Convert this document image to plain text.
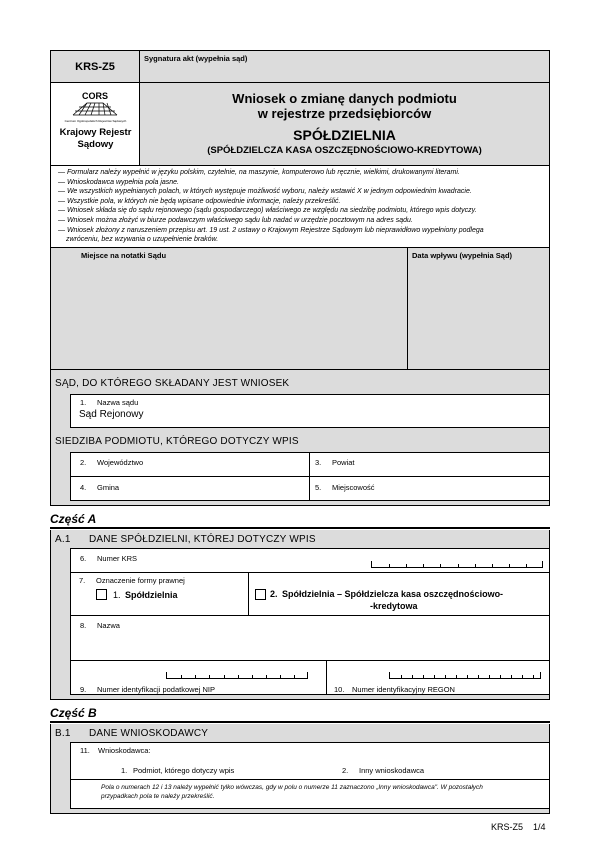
KRS-Z5
Sygnatura akt (wypełnia sąd)
CORS
Centrum Ogólnopolskich Rejestrów Sądowych
Krajowy Rejestr
Sądowy
Wniosek o zmianę danych podmiotu
w rejestrze przedsiębiorców
SPÓŁDZIELNIA
(SPÓŁDZIELCZA KASA OSZCZĘDNOŚCIOWO-KREDYTOWA)
— Formularz należy wypełnić w języku polskim, czytelnie, na maszynie, komputerowo lub ręcznie, wielkimi, drukowanymi literami.
— Wnioskodawca wypełnia pola jasne.
— We wszystkich wypełnianych polach, w których występuje możliwość wyboru, należy wstawić X w jednym odpowiednim kwadracie.
— Wszystkie pola, w których nie będą wpisane odpowiednie informacje, należy przekreślić.
— Wniosek składa się do sądu rejonowego (sądu gospodarczego) właściwego ze względu na siedzibę podmiotu, którego wpis dotyczy.
— Wniosek można złożyć w biurze podawczym właściwego sądu lub nadać w urzędzie pocztowym na adres sądu.
— Wniosek złożony z naruszeniem przepisu art. 19 ust. 2 ustawy o Krajowym Rejestrze Sądowym lub nieprawidłowo wypełniony podlega
zwróceniu, bez wzywania o uzupełnienie braków.
Miejsce na notatki Sądu	Data wpływu (wypełnia Sąd)
SĄD, DO KTÓREGO SKŁADANY JEST WNIOSEK
1. Nazwa sądu
Sąd Rejonowy
SIEDZIBA PODMIOTU, KTÓREGO DOTYCZY WPIS
2. Województwo	3. Powiat
4. Gmina	5. Miejscowość
Część A
A.1 DANE SPÓŁDZIELNI, KTÓREJ DOTYCZY WPIS
6. Numer KRS
7. Oznaczenie formy prawnej
1. Spółdzielnia	2. Spółdzielnia – Spółdzielcza kasa oszczędnościowo-
-kredytowa
8. Nazwa
9. Numer identyfikacji podatkowej NIP	10. Numer identyfikacyjny REGON
Część B
B.1 DANE WNIOSKODAWCY
11. Wnioskodawca:
1. Podmiot, którego dotyczy wpis	2. Inny wnioskodawca
Pola o numerach 12 i 13 należy wypełnić tylko wówczas, gdy w polu o numerze 11 zaznaczono „Inny wnioskodawca". W pozostałych
przypadkach pola te należy przekreślić.
KRS-Z5 1/4
